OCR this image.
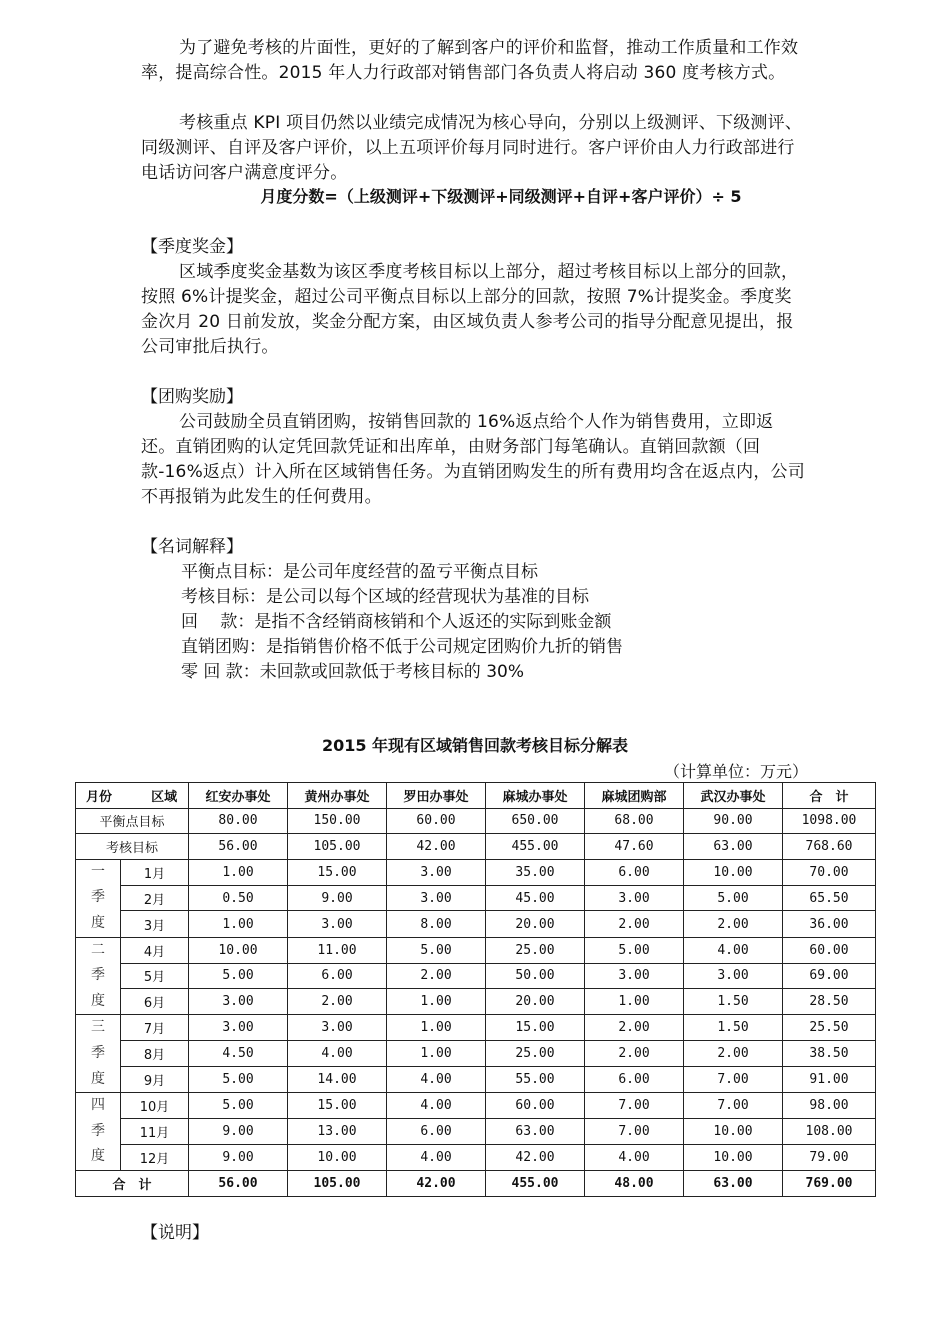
为了避免考核的片面性，更好的了解到客户的评价和监督，推动工作质量和工作效率，提高综合性。2015 年人力行政部对销售部门各负责人将启动 360 度考核方式。

考核重点 KPI 项目仍然以业绩完成情况为核心导向，分别以上级测评、下级测评、同级测评、自评及客户评价，以上五项评价每月同时进行。客户评价由人力行政部进行电话访问客户满意度评分。

月度分数=（上级测评+下级测评+同级测评+自评+客户评价）÷ 5
【季度奖金】

区域季度奖金基数为该区季度考核目标以上部分，超过考核目标以上部分的回款，按照 6%计提奖金，超过公司平衡点目标以上部分的回款，按照 7%计提奖金。季度奖金次月 20 日前发放，奖金分配方案，由区域负责人参考公司的指导分配意见提出，报公司审批后执行。

【团购奖励】

公司鼓励全员直销团购，按销售回款的 16%返点给个人作为销售费用，立即返还。直销团购的认定凭回款凭证和出库单，由财务部门每笔确认。直销回款额（回款-16%返点）计入所在区域销售任务。为直销团购发生的所有费用均含在返点内，公司不再报销为此发生的任何费用。

【名词解释】
平衡点目标：是公司年度经营的盈亏平衡点目标
考核目标：是公司以每个区域的经营现状为基准的目标
回　 款：是指不含经销商核销和个人返还的实际到账金额
直销团购：是指销售价格不低于公司规定团购价九折的销售
零 回 款：未回款或回款低于考核目标的 30%
2015 年现有区域销售回款考核目标分解表
（计算单位：万元）
月份 区域		红安办事处	黄州办事处	罗田办事处	麻城办事处	麻城团购部	武汉办事处	合　计
平衡点目标		80.00	150.00	60.00	650.00	68.00	90.00	1098.00
考核目标		56.00	105.00	42.00	455.00	47.60	63.00	768.60
一	1月	1.00	15.00	3.00	35.00	6.00	10.00	70.00
季	2月	0.50	9.00	3.00	45.00	3.00	5.00	65.50
度	3月	1.00	3.00	8.00	20.00	2.00	2.00	36.00
二	4月	10.00	11.00	5.00	25.00	5.00	4.00	60.00
季	5月	5.00	6.00	2.00	50.00	3.00	3.00	69.00
度	6月	3.00	2.00	1.00	20.00	1.00	1.50	28.50
三	7月	3.00	3.00	1.00	15.00	2.00	1.50	25.50
季	8月	4.50	4.00	1.00	25.00	2.00	2.00	38.50
度	9月	5.00	14.00	4.00	55.00	6.00	7.00	91.00
四	10月	5.00	15.00	4.00	60.00	7.00	7.00	98.00
季	11月	9.00	13.00	6.00	63.00	7.00	10.00	108.00
度	12月	9.00	10.00	4.00	42.00	4.00	10.00	79.00
合　计		56.00	105.00	42.00	455.00	48.00	63.00	769.00
【说明】
